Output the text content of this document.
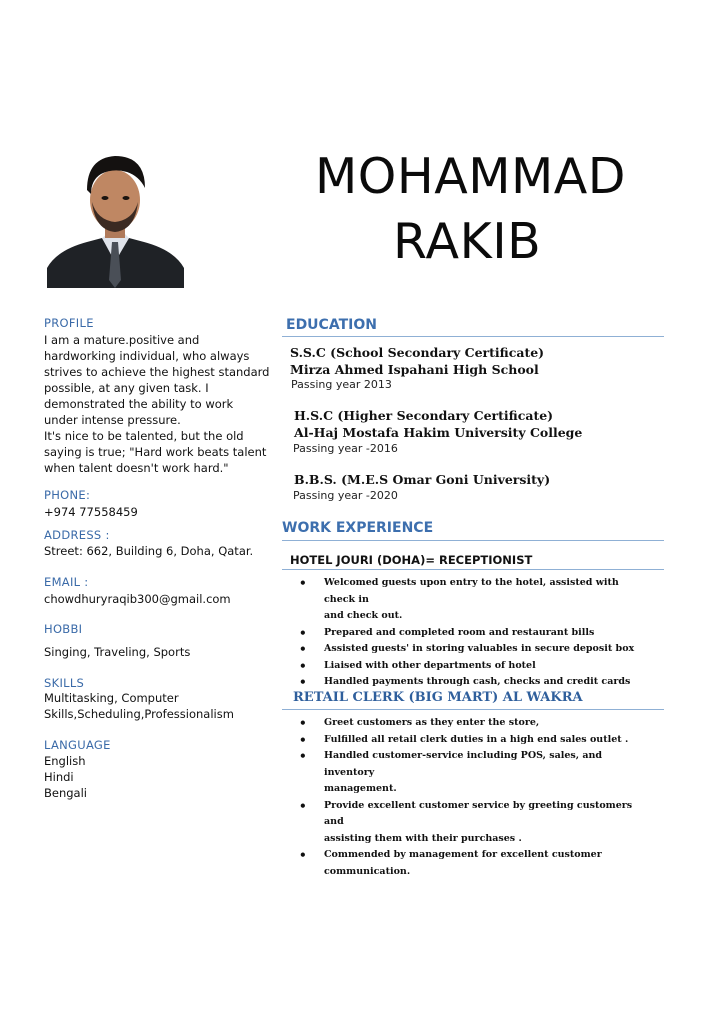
MOHAMMAD
RAKIB
PROFILE
I am a mature.positive and
hardworking individual, who always
strives to achieve the highest standard
possible, at any given task. I
demonstrated the ability to work
under intense pressure.
It's nice to be talented, but the old
saying is true; "Hard work beats talent
when talent doesn't work hard."
PHONE:
+974 77558459
ADDRESS :
Street: 662, Building 6, Doha, Qatar.
EMAIL :
chowdhuryraqib300@gmail.com
HOBBI
Singing, Traveling, Sports
SKILLS
Multitasking, Computer
Skills,Scheduling,Professionalism
LANGUAGE
English
Hindi
Bengali
EDUCATION
S.S.C (School Secondary Certificate)
Mirza Ahmed Ispahani High School
Passing year 2013
H.S.C (Higher Secondary Certificate)
Al-Haj Mostafa Hakim University College
Passing year -2016
B.B.S. (M.E.S Omar Goni University)
Passing year -2020
WORK EXPERIENCE
HOTEL JOURI (DOHA)= RECEPTIONIST
• Welcomed guests upon entry to the hotel, assisted with check in
and check out.
• Prepared and completed room and restaurant bills
• Assisted guests' in storing valuables in secure deposit box
• Liaised with other departments of hotel
• Handled payments through cash, checks and credit cards
RETAIL CLERK (BIG MART) AL WAKRA
• Greet customers as they enter the store,
• Fulfilled all retail clerk duties in a high end sales outlet .
• Handled customer-service including POS, sales, and inventory
management.
• Provide excellent customer service by greeting customers and
assisting them with their purchases .
• Commended by management for excellent customer
communication.
